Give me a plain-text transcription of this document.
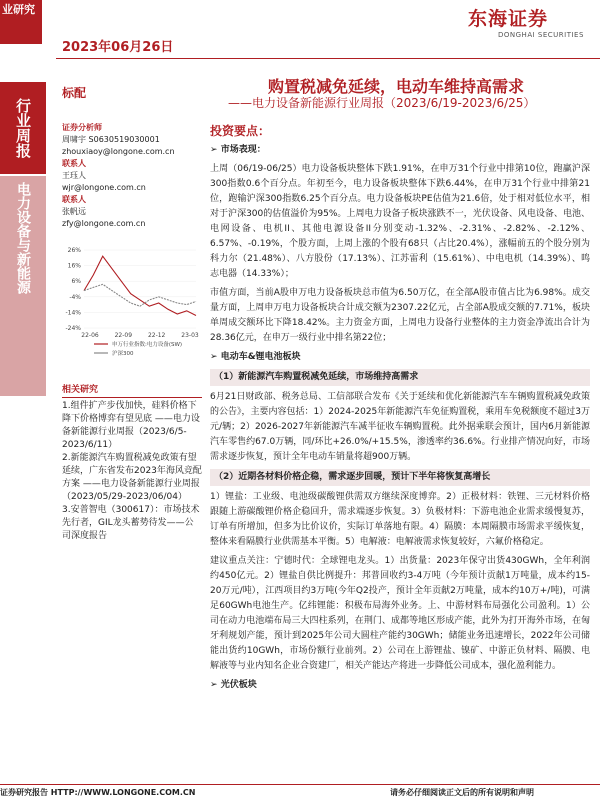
业研究
2023年06月26日
东海证券
DONGHAI SECURITIES
行业周报
电力设备与新能源
标配	购置税减免延续，电动车维持高需求
——电力设备新能源行业周报（2023/6/19-2023/6/25）
证券分析师
周啸宇 S0630519030001
zhouxiaoy@longone.com.cn
联系人
王珏人
wjr@longone.com.cn
联系人
张帆远
zfy@longone.com.cn
26%
16%
6%
-4%
-14%
-24%
22-06	22-09	22-12	23-03
申万行业指数:电力设备(SW)
沪深300
相关研究
1.组件扩产步伐加快，硅料价格下降下价格博弈有望见底 ——电力设备新能源行业周报（2023/6/5-2023/6/11）
2.新能源汽车购置税减免政策有望延续，广东省发布2023年海风竞配方案 ——电力设备新能源行业周报（2023/05/29-2023/06/04）
3.安普智电（300617）：市场技术先行者，GIL龙头蓄势待发——公司深度报告
投资要点：
➢ 市场表现：

上周（06/19-06/25）电力设备板块整体下跌1.91%，在申万31个行业中排第10位，跑赢沪深300指数0.6个百分点。年初至今，电力设备板块整体下跌6.44%，在申万31个行业中排第21位，跑输沪深300指数6.25个百分点。电力设备板块PE估值为21.6倍，处于相对低位水平，相对于沪深300的估值溢价为95%。上周电力设备子板块涨跌不一，光伏设备、风电设备、电池、电网设备、电机II、其他电源设备II分别变动-1.32%、-2.31%、-2.82%、-2.12%、6.57%、-0.19%，个股方面，上周上涨的个股有68只（占比20.4%），涨幅前五的个股分别为科力尔（21.48%）、八方股份（17.13%）、江苏雷利（15.61%）、中电电机（14.39%）、鸣志电器（14.33%）；

市值方面，当前A股申万电力设备板块总市值为6.50万亿，在全部A股市值占比为6.98%。成交量方面，上周申万电力设备板块合计成交额为2307.22亿元，占全部A股成交额的7.71%，板块单周成交额环比下降18.42%。主力资金方面，上周电力设备行业整体的主力资金净流出合计为28.36亿元，在申万一级行业中排名第22位；

➢ 电动车&锂电池板块
（1）新能源汽车购置税减免延续，市场维持高需求

6月21日财政部、税务总局、工信部联合发布《关于延续和优化新能源汽车车辆购置税减免政策的公告》，主要内容包括：1）2024-2025年新能源汽车免征购置税，乘用车免税额度不超过3万元/辆；2）2026-2027年新能源汽车减半征收车辆购置税。此外据乘联会预计，国内6月新能源汽车零售约67.0万辆，同/环比+26.0%/+15.5%，渗透率约36.6%。行业排产情况向好，市场需求逐步恢复，预计全年电动车销量将超900万辆。

（2）近期各材料价格企稳，需求逐步回暖，预计下半年将恢复高增长

1）锂盐：工业级、电池级碳酸锂供需双方继续深度博弈。2）正极材料：铁锂、三元材料价格跟随上游碳酸锂价格企稳回升，需求端逐步恢复。3）负极材料：下游电池企业需求缓慢复苏，订单有所增加，但多为比价议价，实际订单落地有限。4）隔膜：本周隔膜市场需求平缓恢复，整体来看隔膜行业供需基本平衡。5）电解液：电解液需求恢复较好，六氟价格稳定。

建议重点关注：宁德时代：全球锂电龙头。1）出货量：2023年保守出货430GWh，全年利润约450亿元。2）锂盐自供比例提升：邦普回收约3-4万吨（今年预计贡献1万吨量，成本约15-20万元/吨），江西项目约3万吨(今年Q2投产，预计全年贡献2万吨量，成本约10万+/吨)，可满足60GWh电池生产。亿纬锂能：积极布局海外业务。上、中游材料布局强化公司盈利。1）公司在动力电池端布局三大四柱系列，在荆门、成都等地区形成产能，此外为打开海外市场，在匈牙利规划产能，预计到2025年公司大圆柱产能约30GWh；储能业务迅速增长，2022年公司储能出货约10GWh，市场份额行业前列。2）公司在上游锂盐、镍矿、中游正负材料、隔膜、电解液等与业内知名企业合资建厂，相关产能达产将进一步降低公司成本，强化盈利能力。

➢ 光伏板块
证券研究报告 HTTP://WWW.LONGONE.COM.CN	请务必仔细阅读正文后的所有说明和声明
